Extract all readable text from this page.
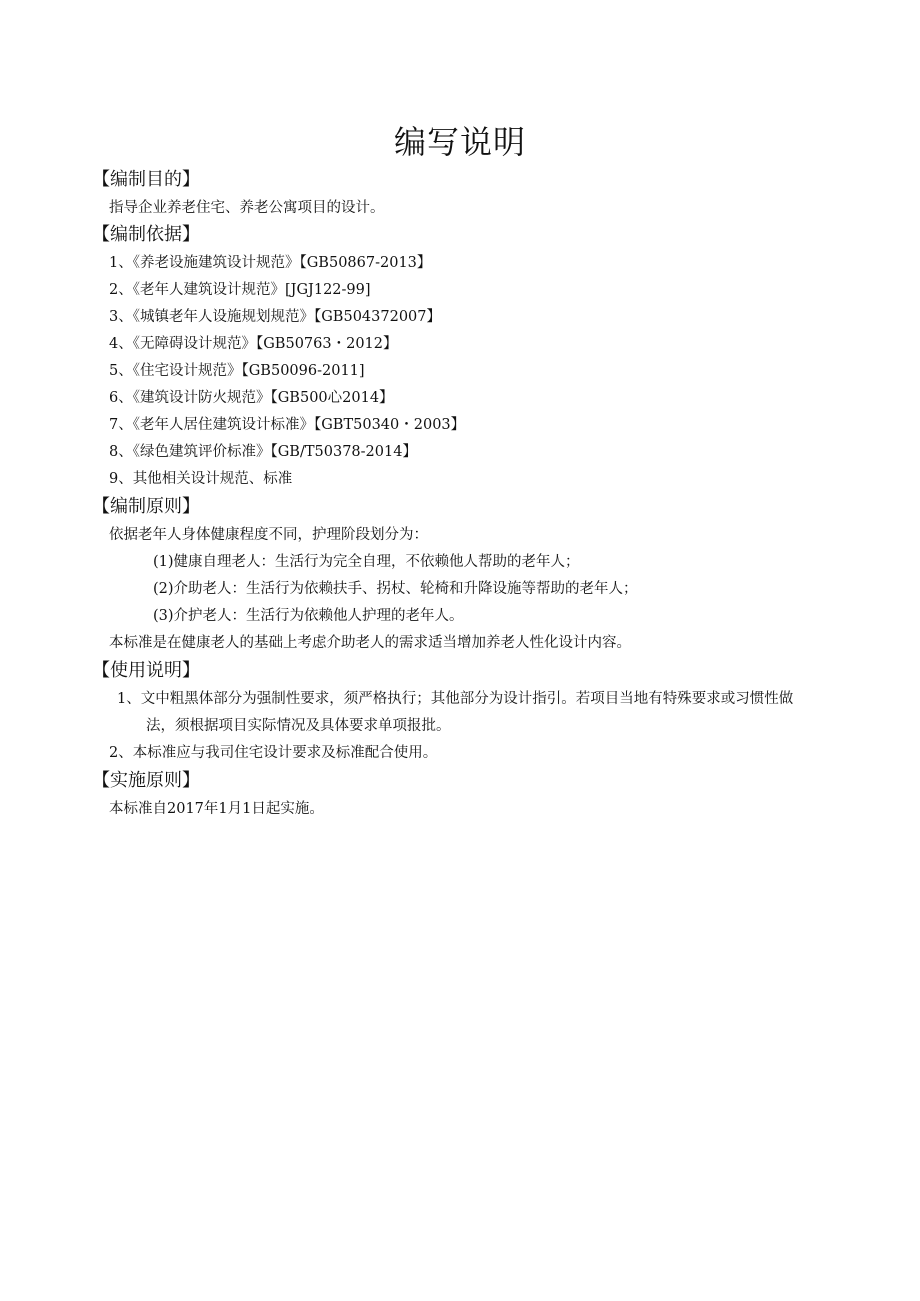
编写说明
【编制目的】
指导企业养老住宅、养老公寓项目的设计。
【编制依据】
1、《养老设施建筑设计规范》【GB50867-2013】
2、《老年人建筑设计规范》[JGJ122-99]
3、《城镇老年人设施规划规范》【GB504372007】
4、《无障碍设计规范》【GB50763・2012】
5、《住宅设计规范》【GB50096-2011]
6、《建筑设计防火规范》【GB500心2014】
7、《老年人居住建筑设计标准》【GBT50340・2003】
8、《绿色建筑评价标准》【GB/T50378-2014】
9、其他相关设计规范、标准
【编制原则】
依据老年人身体健康程度不同，护理阶段划分为：
(1)健康自理老人：生活行为完全自理，不依赖他人帮助的老年人；
(2)介助老人：生活行为依赖扶手、拐杖、轮椅和升降设施等帮助的老年人；
(3)介护老人：生活行为依赖他人护理的老年人。
本标准是在健康老人的基础上考虑介助老人的需求适当增加养老人性化设计内容。
【使用说明】
1、文中粗黑体部分为强制性要求，须严格执行；其他部分为设计指引。若项目当地有特殊要求或习惯性做
法，须根据项目实际情况及具体要求单项报批。
2、本标准应与我司住宅设计要求及标准配合使用。
【实施原则】
本标准自2017年1月1日起实施。
